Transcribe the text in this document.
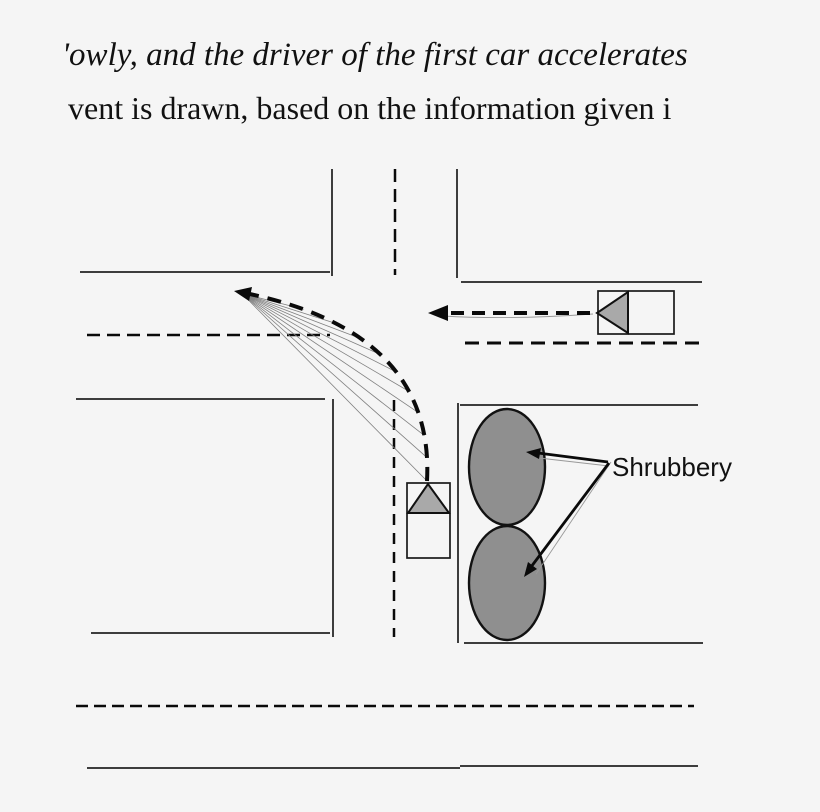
'owly, and the driver of the first car accelerates
vent is drawn, based on the information given i
Shrubbery
